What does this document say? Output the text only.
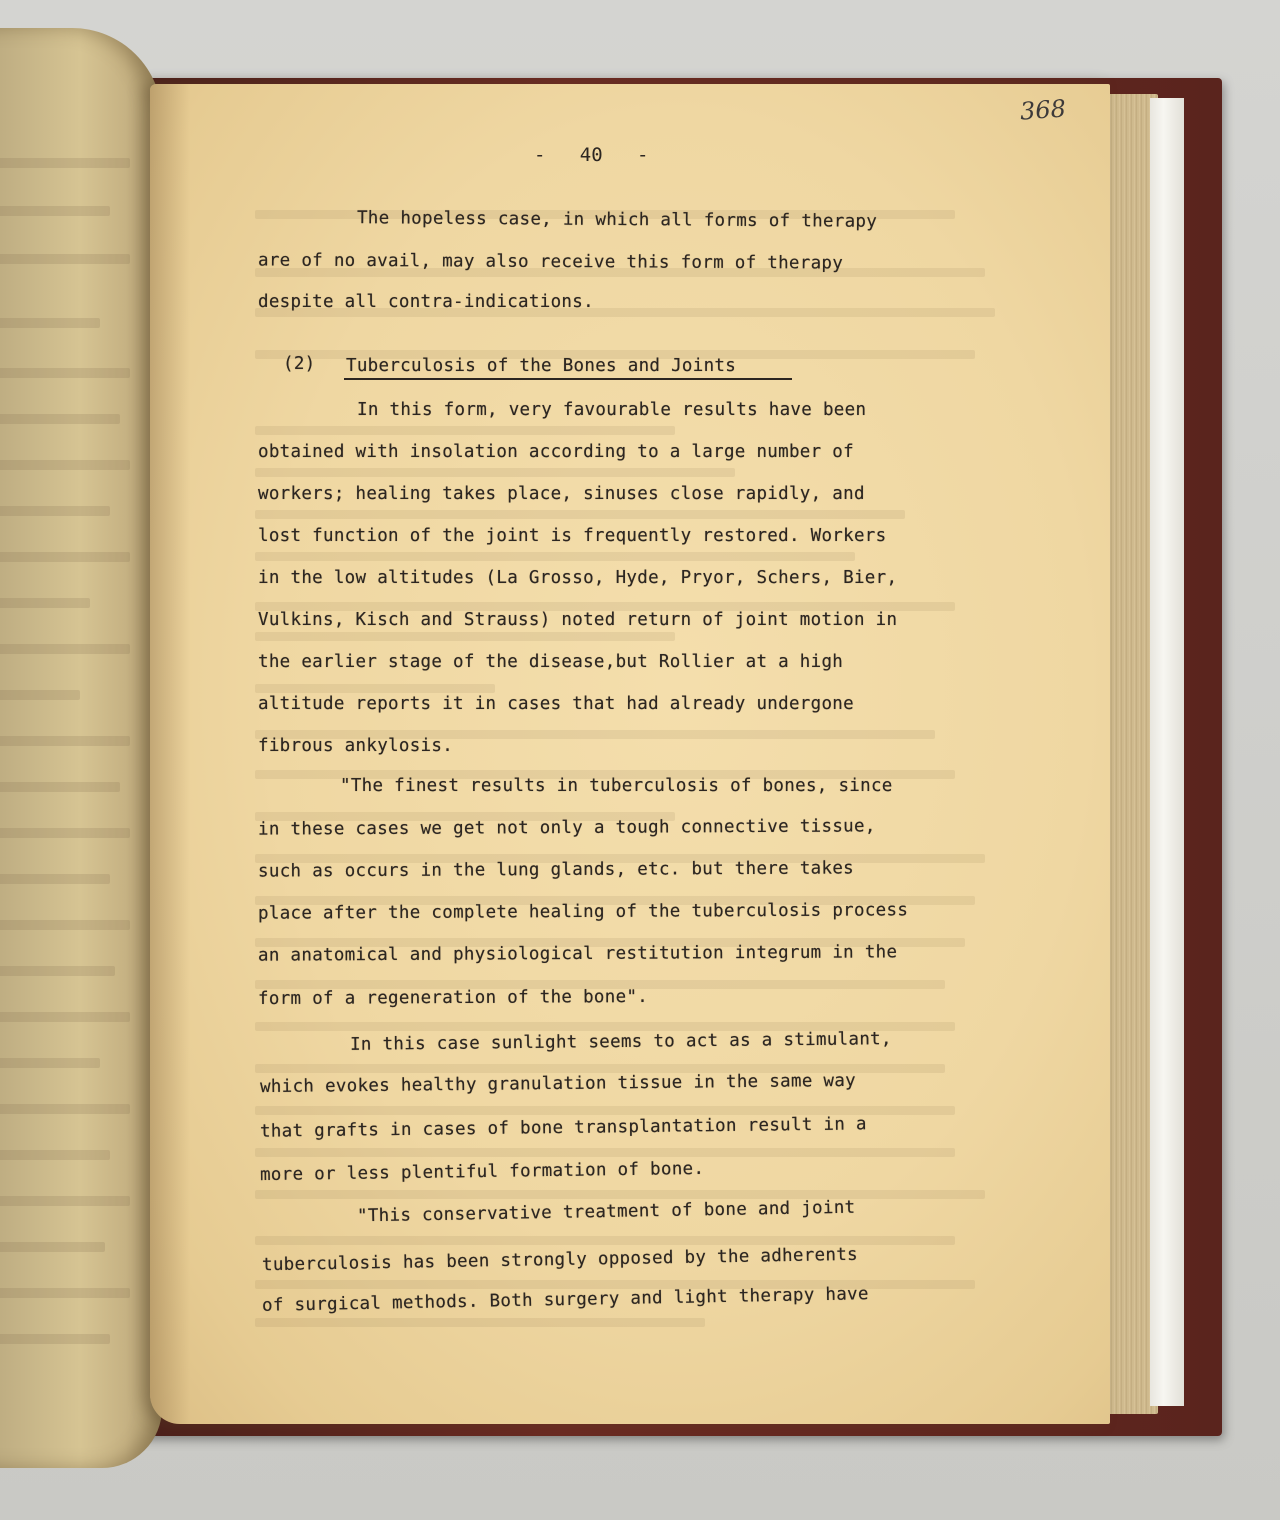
368
-   40   -
The hopeless case, in which all forms of therapy
are of no avail, may also receive this form of therapy
despite all contra-indications.
(2) Tuberculosis of the Bones and Joints
In this form, very favourable results have been
obtained with insolation according to a large number of
workers; healing takes place, sinuses close rapidly, and
lost function of the joint is frequently restored. Workers
in the low altitudes (La Grosso, Hyde, Pryor, Schers, Bier,
Vulkins, Kisch and Strauss) noted return of joint motion in
the earlier stage of the disease,but Rollier at a high
altitude reports it in cases that had already undergone
fibrous ankylosis.
"The finest results in tuberculosis of bones, since
in these cases we get not only a tough connective tissue,
such as occurs in the lung glands, etc. but there takes
place after the complete healing of the tuberculosis process
an anatomical and physiological restitution integrum in the
form of a regeneration of the bone".
In this case sunlight seems to act as a stimulant,
which evokes healthy granulation tissue in the same way
that grafts in cases of bone transplantation result in a
more or less plentiful formation of bone.
"This conservative treatment of bone and joint
tuberculosis has been strongly opposed by the adherents
of surgical methods. Both surgery and light therapy have
